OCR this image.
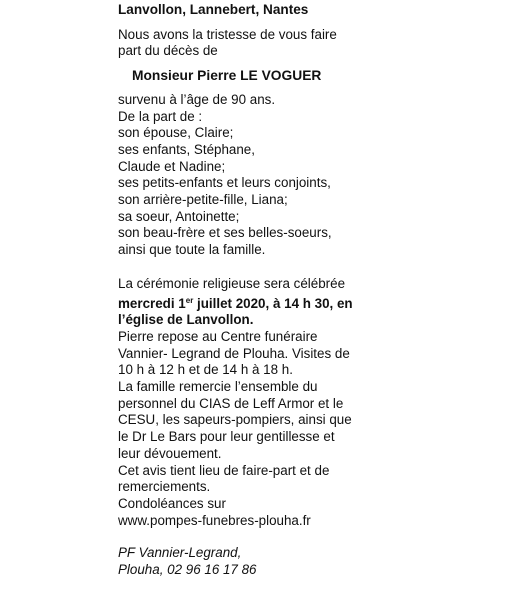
Lanvollon, Lannebert, Nantes
Nous avons la tristesse de vous faire
part du décès de
Monsieur Pierre LE VOGUER
survenu à l’âge de 90 ans.
De la part de :
son épouse, Claire;
ses enfants, Stéphane,
Claude et Nadine;
ses petits-enfants et leurs conjoints,
son arrière-petite-fille, Liana;
sa soeur, Antoinette;
son beau-frère et ses belles-soeurs,
ainsi que toute la famille.
La cérémonie religieuse sera célébrée
mercredi 1er juillet 2020, à 14 h 30, en
l’église de Lanvollon.
Pierre repose au Centre funéraire
Vannier- Legrand de Plouha. Visites de
10 h à 12 h et de 14 h à 18 h.
La famille remercie l’ensemble du
personnel du CIAS de Leff Armor et le
CESU, les sapeurs-pompiers, ainsi que
le Dr Le Bars pour leur gentillesse et
leur dévouement.
Cet avis tient lieu de faire-part et de
remerciements.
Condoléances sur
www.pompes-funebres-plouha.fr
PF Vannier-Legrand,
Plouha, 02 96 16 17 86
